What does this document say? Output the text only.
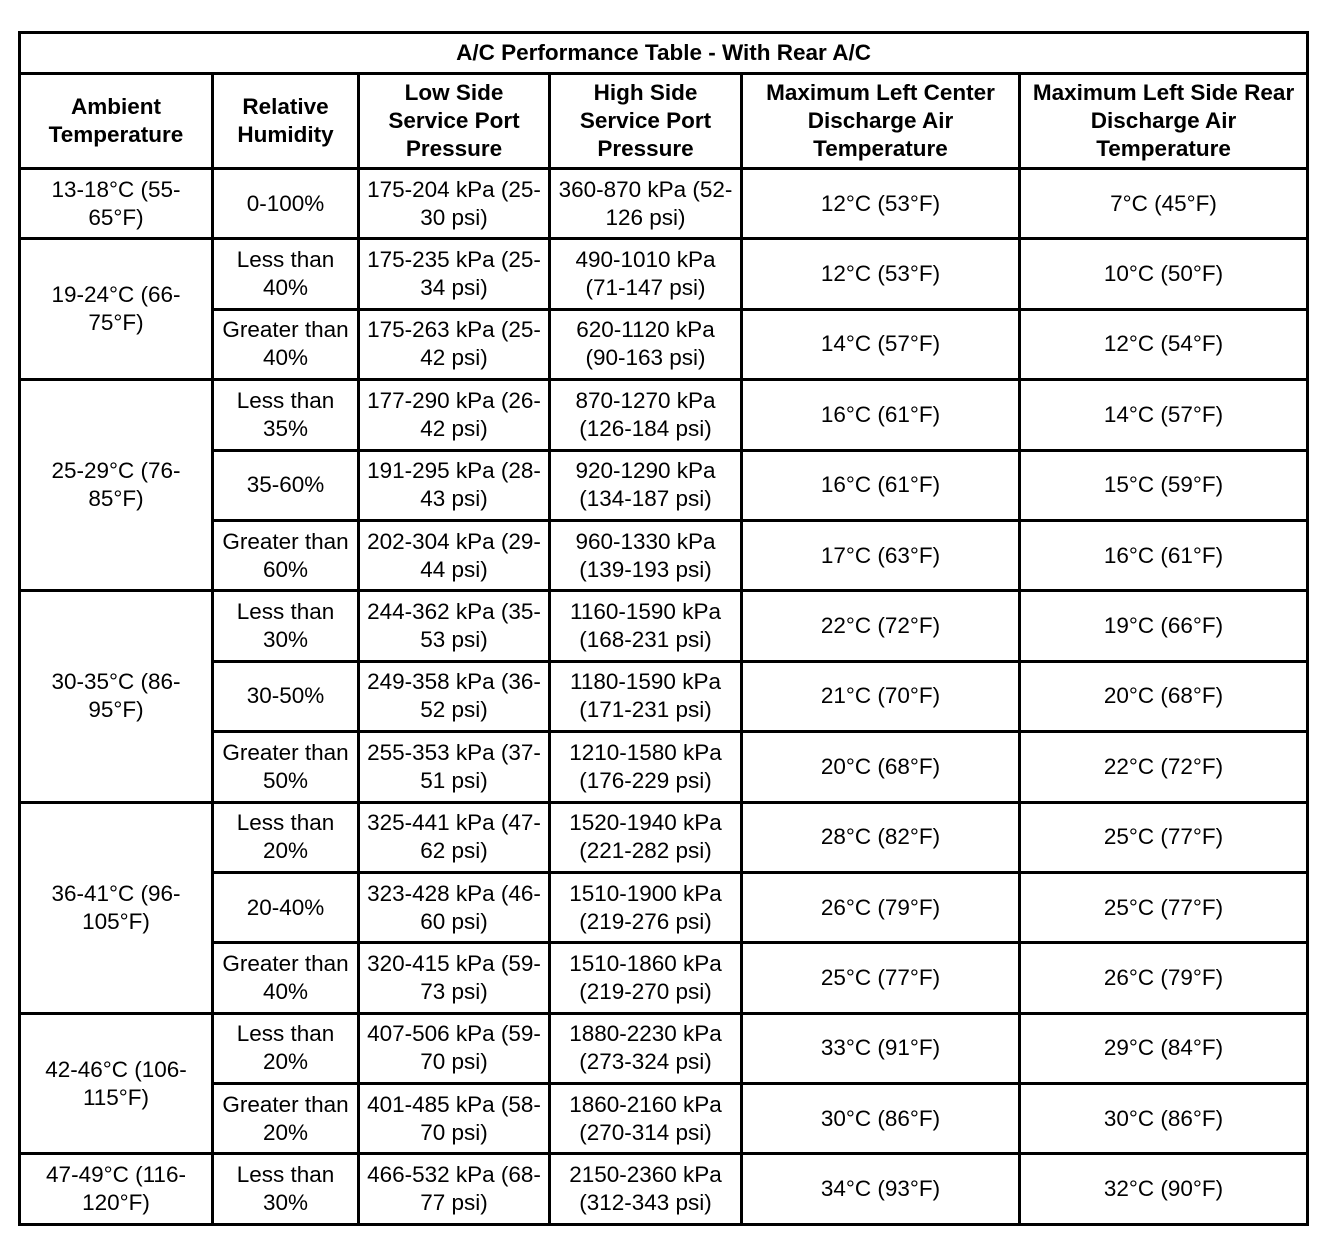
A/C Performance Table - With Rear A/C					
Ambient Temperature	Relative Humidity	Low Side Service Port Pressure	High Side Service Port Pressure	Maximum Left Center Discharge Air Temperature	Maximum Left Side Rear Discharge Air Temperature
13-18°C (55-65°F)	0-100%	175-204 kPa (25-30 psi)	360-870 kPa (52-126 psi)	12°C (53°F)	7°C (45°F)
19-24°C (66-75°F)	Less than 40%	175-235 kPa (25-34 psi)	490-1010 kPa (71-147 psi)	12°C (53°F)	10°C (50°F)
	Greater than 40%	175-263 kPa (25-42 psi)	620-1120 kPa (90-163 psi)	14°C (57°F)	12°C (54°F)
25-29°C (76-85°F)	Less than 35%	177-290 kPa (26-42 psi)	870-1270 kPa (126-184 psi)	16°C (61°F)	14°C (57°F)
	35-60%	191-295 kPa (28-43 psi)	920-1290 kPa (134-187 psi)	16°C (61°F)	15°C (59°F)
	Greater than 60%	202-304 kPa (29-44 psi)	960-1330 kPa (139-193 psi)	17°C (63°F)	16°C (61°F)
30-35°C (86-95°F)	Less than 30%	244-362 kPa (35-53 psi)	1160-1590 kPa (168-231 psi)	22°C (72°F)	19°C (66°F)
	30-50%	249-358 kPa (36-52 psi)	1180-1590 kPa (171-231 psi)	21°C (70°F)	20°C (68°F)
	Greater than 50%	255-353 kPa (37-51 psi)	1210-1580 kPa (176-229 psi)	20°C (68°F)	22°C (72°F)
36-41°C (96-105°F)	Less than 20%	325-441 kPa (47-62 psi)	1520-1940 kPa (221-282 psi)	28°C (82°F)	25°C (77°F)
	20-40%	323-428 kPa (46-60 psi)	1510-1900 kPa (219-276 psi)	26°C (79°F)	25°C (77°F)
	Greater than 40%	320-415 kPa (59-73 psi)	1510-1860 kPa (219-270 psi)	25°C (77°F)	26°C (79°F)
42-46°C (106-115°F)	Less than 20%	407-506 kPa (59-70 psi)	1880-2230 kPa (273-324 psi)	33°C (91°F)	29°C (84°F)
	Greater than 20%	401-485 kPa (58-70 psi)	1860-2160 kPa (270-314 psi)	30°C (86°F)	30°C (86°F)
47-49°C (116-120°F)	Less than 30%	466-532 kPa (68-77 psi)	2150-2360 kPa (312-343 psi)	34°C (93°F)	32°C (90°F)
